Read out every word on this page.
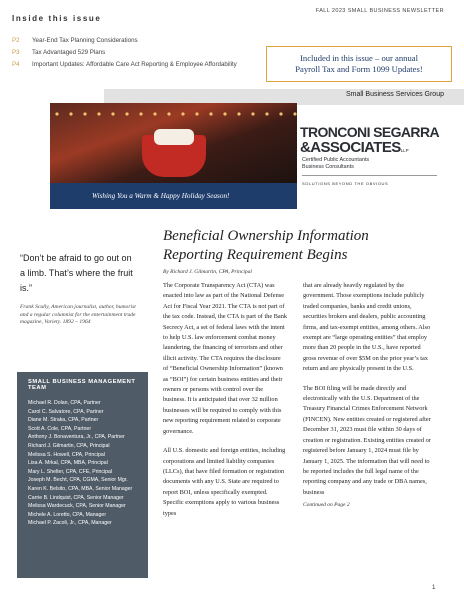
Inside this issue
P2 Year-End Tax Planning Considerations
P3 Tax Advantaged 529 Plans
P4 Important Updates: Affordable Care Act Reporting & Employee Affordability
FALL 2023 SMALL BUSINESS NEWSLETTER
Included in this issue – our annual
Payroll Tax and Form 1099 Updates!
Small Business Services Group
Wishing You a Warm & Happy Holiday Season!
TRONCONI SEGARRA
&ASSOCIATESLLP
Certified Public Accountants
Business Consultants
SOLUTIONS BEYOND THE OBVIOUS
“Don’t be afraid to go out on a limb. That’s where the fruit is.”
Frank Scully, American journalist, author, humorist and a regular columnist for the entertainment trade magazine, Variety. 1892 – 1964
SMALL BUSINESS MANAGEMENT TEAM
Michael R. Dolan, CPA, Partner
Carol C. Salvatore, CPA, Partner
Diane M. Straka, CPA, Partner
Scott A. Cole, CPA, Partner
Anthony J. Bonaventura, Jr., CPA, Partner
Richard J. Gilmartin, CPA, Principal
Melissa S. Howell, CPA, Principal
Lisa A. Mrkal, CPA, MBA, Principal
Mary L. Shelter, CPA, CFE, Principal
Joseph M. Becht, CPA, CGMA, Senior Mgr.
Karen K. Belsito, CPA, MBA, Senior Manager
Carrie B. Lindquist, CPA, Senior Manager
Melissa Wardecuck, CPA, Senior Manager
Michele A. Loretto, CPA, Manager
Michael P. Zacoli, Jr., CPA, Manager
Beneficial Ownership Information
Reporting Requirement Begins
By Richard J. Gilmartin, CPA, Principal

The Corporate Transparency Act (CTA) was enacted into law as part of the National Defense Act for Fiscal Year 2021. The CTA is not part of the tax code. Instead, the CTA is part of the Bank Secrecy Act, a set of federal laws with the intent to help U.S. law enforcement combat money laundering, the financing of terrorism and other illicit activity. The CTA requires the disclosure of “Beneficial Ownership Information” (known as “BOI”) for certain business entities and their owners or persons with control over the business. It is anticipated that over 32 million businesses will be required to comply with this new reporting requirement related to corporate governance.

All U.S. domestic and foreign entities, including corporations and limited liability companies (LLCs), that have filed formation or registration documents with any U.S. State are required to report BOI, unless specifically exempted. Specific exemptions apply to various business types

that are already heavily regulated by the government. Those exemptions include publicly traded companies, banks and credit unions, securities brokers and dealers, public accounting firms, and tax-exempt entities, among others. Also exempt are “large operating entities” that employ more than 20 people in the U.S., have reported gross revenue of over $5M on the prior year’s tax return and are physically present in the U.S.

The BOI filing will be made directly and electronically with the U.S. Department of the Treasury Financial Crimes Enforcement Network (FINCEN). New entities created or registered after December 31, 2023 must file within 30 days of creation or registration. Existing entities created or registered before January 1, 2024 must file by January 1, 2025. The information that will need to be reported includes the full legal name of the reporting company and any trade or DBA names, business

Continued on Page 2
1
